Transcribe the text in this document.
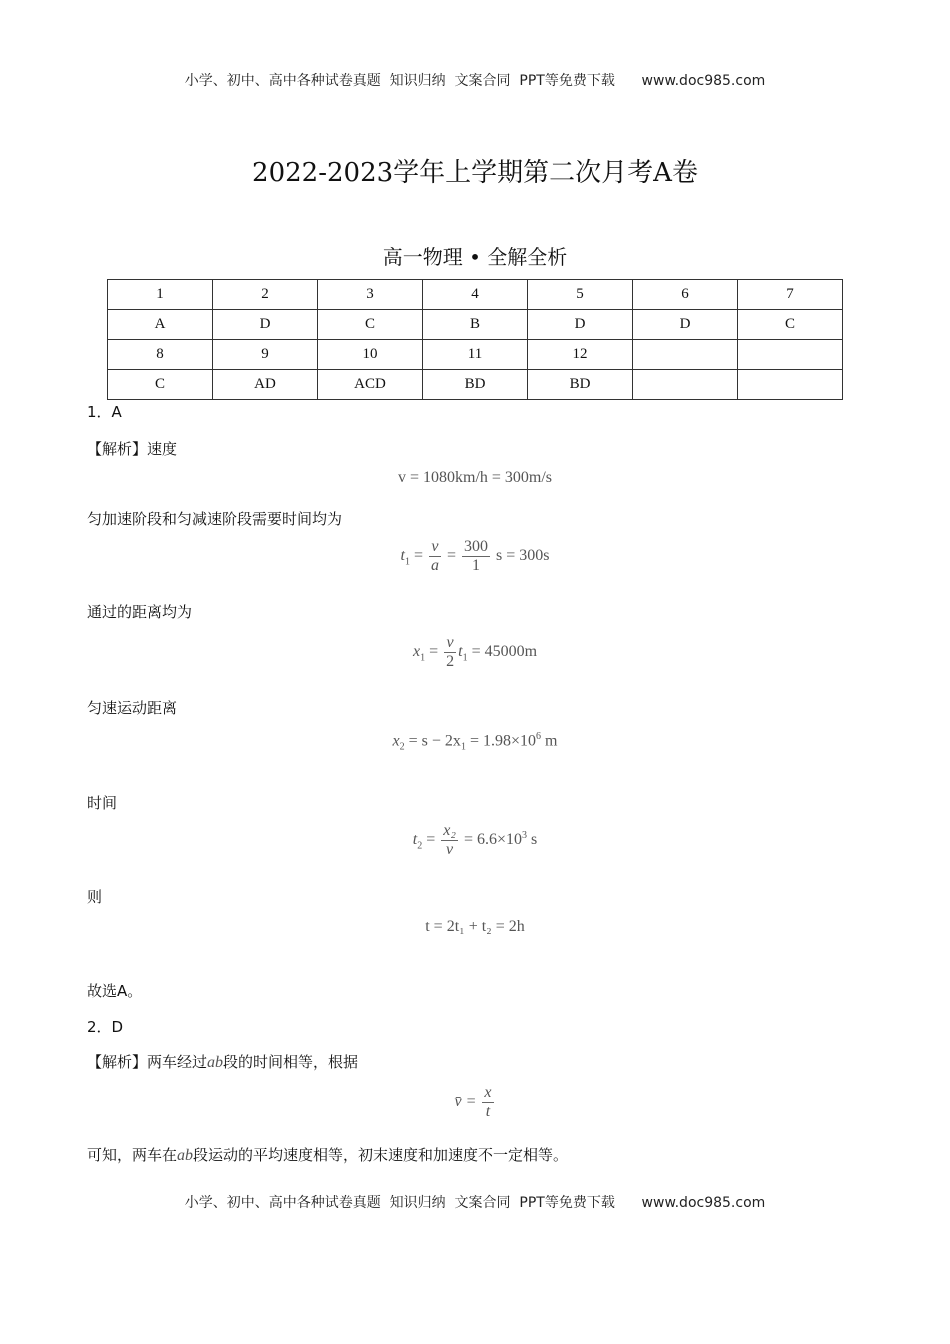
小学、初中、高中各种试卷真题  知识归纳  文案合同  PPT等免费下载      www.doc985.com
2022-2023学年上学期第二次月考A卷
高一物理 • 全解全析
1	2	3	4	5	6	7
A	D	C	B	D	D	C
8	9	10	11	12		
C	AD	ACD	BD	BD		
1．A
【解析】速度
v = 1080km/h = 300m/s
匀加速阶段和匀减速阶段需要时间均为
$t_1 = \frac{v}{a} = \frac{300}{1}$ s = 300s
通过的距离均为
$x_1 = \frac{v}{2} t_1 = 45000m$
匀速运动距离
$x_2 = s - 2x_1 = 1.98\times 10^6$ m
时间
$t_2 = \frac{\text{x₂}}{v} = 6.6\times 10^3$ s
则
t = 2t₁ + t₂ = 2h
故选A。
2．D
【解析】两车经过ab段的时间相等，根据
v̄ = $\frac{x}{t}$
可知，两车在ab段运动的平均速度相等，初末速度和加速度不一定相等。
小学、初中、高中各种试卷真题  知识归纳  文案合同  PPT等免费下载      www.doc985.com
